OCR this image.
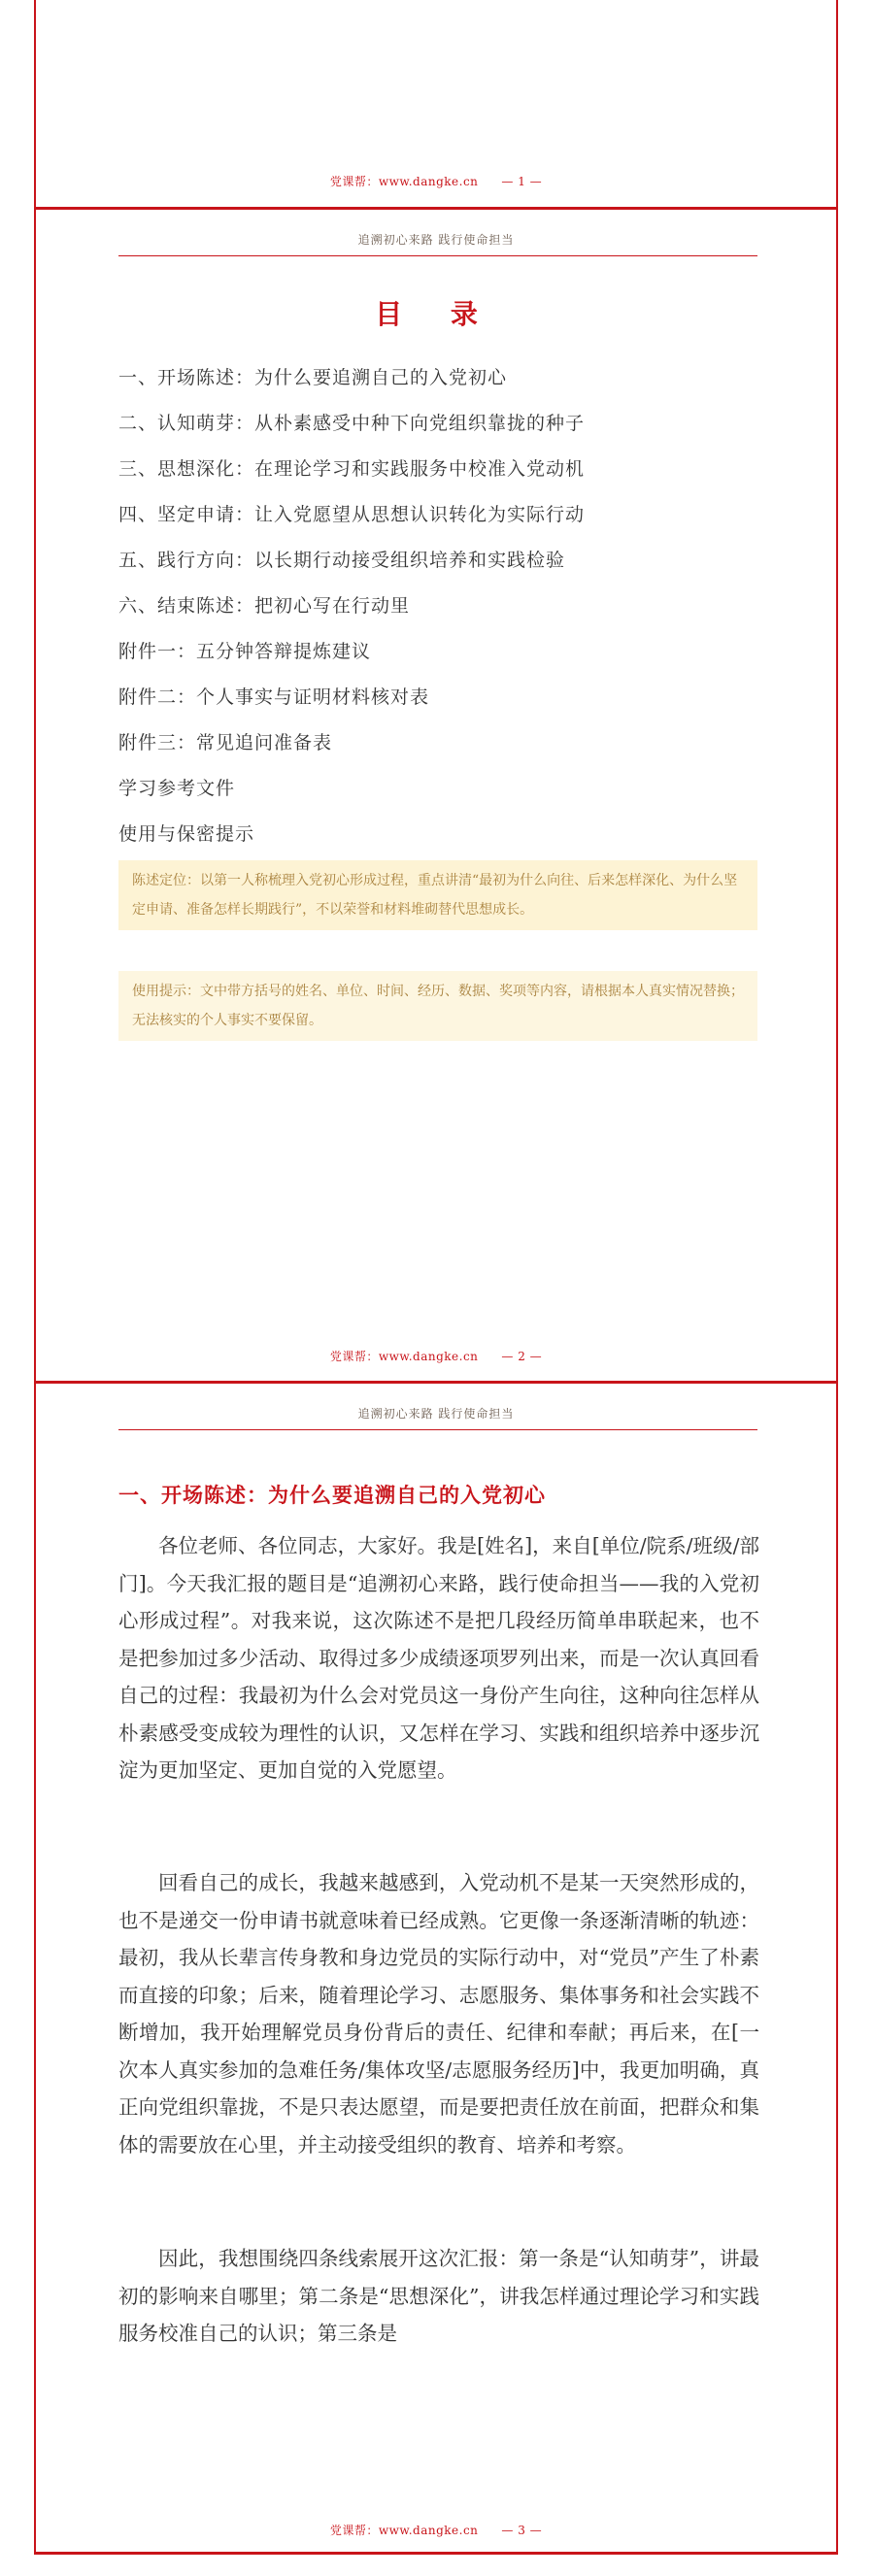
党课帮：www.dangke.cn — 1 —
追溯初心来路 践行使命担当
目 录
一、开场陈述：为什么要追溯自己的入党初心
二、认知萌芽：从朴素感受中种下向党组织靠拢的种子
三、思想深化：在理论学习和实践服务中校准入党动机
四、坚定申请：让入党愿望从思想认识转化为实际行动
五、践行方向：以长期行动接受组织培养和实践检验
六、结束陈述：把初心写在行动里
附件一：五分钟答辩提炼建议
附件二：个人事实与证明材料核对表
附件三：常见追问准备表
学习参考文件
使用与保密提示
陈述定位：以第一人称梳理入党初心形成过程，重点讲清“最初为什么向往、后来怎样深化、为什么坚定申请、准备怎样长期践行”，不以荣誉和材料堆砌替代思想成长。
使用提示：文中带方括号的姓名、单位、时间、经历、数据、奖项等内容，请根据本人真实情况替换；无法核实的个人事实不要保留。
党课帮：www.dangke.cn — 2 —
追溯初心来路 践行使命担当
一、开场陈述：为什么要追溯自己的入党初心

各位老师、各位同志，大家好。我是[姓名]，来自[单位/院系/班级/部门]。今天我汇报的题目是“追溯初心来路，践行使命担当——我的入党初心形成过程”。对我来说，这次陈述不是把几段经历简单串联起来，也不是把参加过多少活动、取得过多少成绩逐项罗列出来，而是一次认真回看自己的过程：我最初为什么会对党员这一身份产生向往，这种向往怎样从朴素感受变成较为理性的认识，又怎样在学习、实践和组织培养中逐步沉淀为更加坚定、更加自觉的入党愿望。

回看自己的成长，我越来越感到，入党动机不是某一天突然形成的，也不是递交一份申请书就意味着已经成熟。它更像一条逐渐清晰的轨迹：最初，我从长辈言传身教和身边党员的实际行动中，对“党员”产生了朴素而直接的印象；后来，随着理论学习、志愿服务、集体事务和社会实践不断增加，我开始理解党员身份背后的责任、纪律和奉献；再后来，在[一次本人真实参加的急难任务/集体攻坚/志愿服务经历]中，我更加明确，真正向党组织靠拢，不是只表达愿望，而是要把责任放在前面，把群众和集体的需要放在心里，并主动接受组织的教育、培养和考察。

因此，我想围绕四条线索展开这次汇报：第一条是“认知萌芽”，讲最初的影响来自哪里；第二条是“思想深化”，讲我怎样通过理论学习和实践服务校准自己的认识；第三条是

党课帮：www.dangke.cn — 3 —
